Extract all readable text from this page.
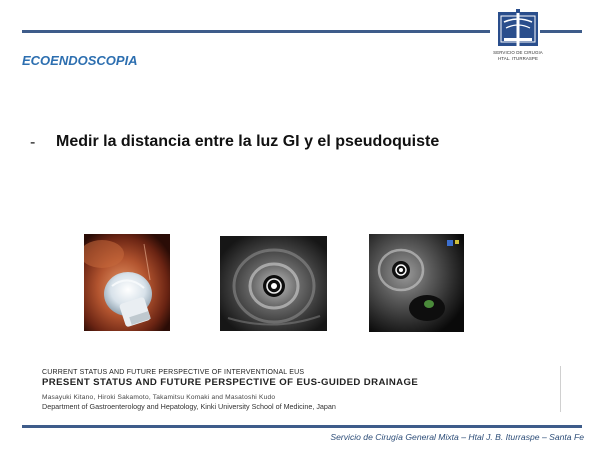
SERVICIO DE CIRUGIA
HTAL. ITURRASPE
ECOENDOSCOPIA
- Medir la distancia entre la luz GI y el pseudoquiste
CURRENT STATUS AND FUTURE PERSPECTIVE OF INTERVENTIONAL EUS
PRESENT STATUS AND FUTURE PERSPECTIVE OF EUS-GUIDED DRAINAGE
Masayuki Kitano, Hiroki Sakamoto, Takamitsu Komaki and Masatoshi Kudo
Department of Gastroenterology and Hepatology, Kinki University School of Medicine, Japan
Servicio de Cirugía General Mixta – Htal J. B. Iturraspe – Santa Fe
